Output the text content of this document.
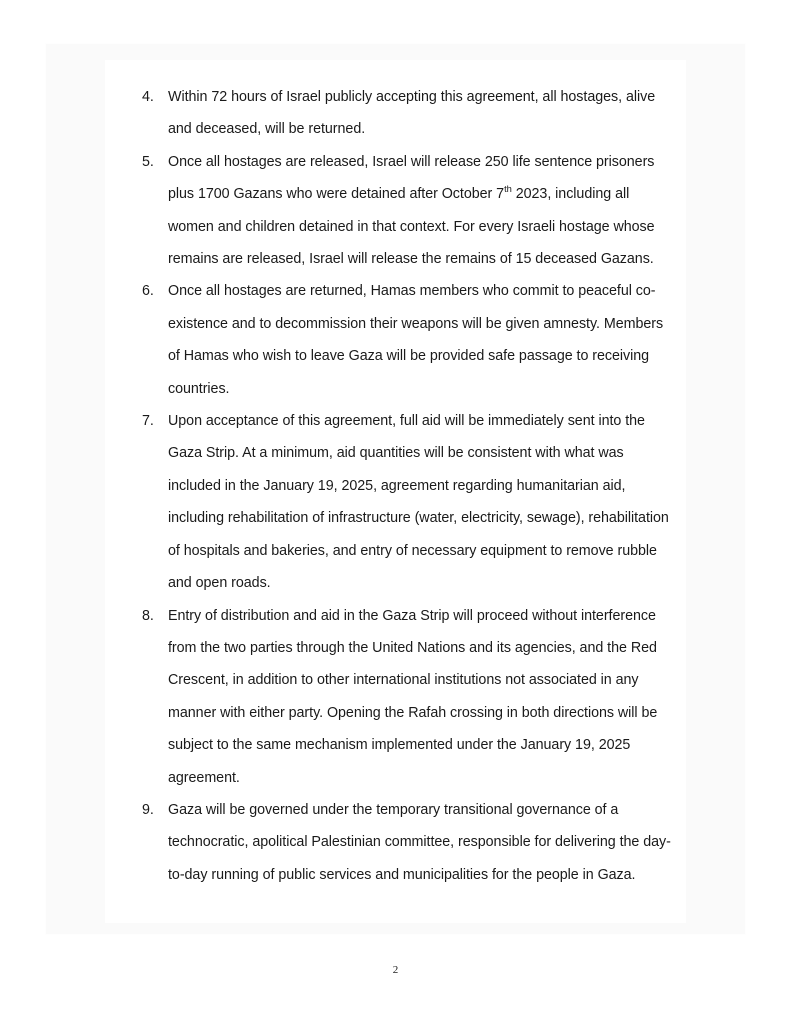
4. Within 72 hours of Israel publicly accepting this agreement, all hostages, alive and deceased, will be returned.
5. Once all hostages are released, Israel will release 250 life sentence prisoners plus 1700 Gazans who were detained after October 7th 2023, including all women and children detained in that context. For every Israeli hostage whose remains are released, Israel will release the remains of 15 deceased Gazans.
6. Once all hostages are returned, Hamas members who commit to peaceful co-existence and to decommission their weapons will be given amnesty. Members of Hamas who wish to leave Gaza will be provided safe passage to receiving countries.
7. Upon acceptance of this agreement, full aid will be immediately sent into the Gaza Strip. At a minimum, aid quantities will be consistent with what was included in the January 19, 2025, agreement regarding humanitarian aid, including rehabilitation of infrastructure (water, electricity, sewage), rehabilitation of hospitals and bakeries, and entry of necessary equipment to remove rubble and open roads.
8. Entry of distribution and aid in the Gaza Strip will proceed without interference from the two parties through the United Nations and its agencies, and the Red Crescent, in addition to other international institutions not associated in any manner with either party. Opening the Rafah crossing in both directions will be subject to the same mechanism implemented under the January 19, 2025 agreement.
9. Gaza will be governed under the temporary transitional governance of a technocratic, apolitical Palestinian committee, responsible for delivering the day-to-day running of public services and municipalities for the people in Gaza.
2
